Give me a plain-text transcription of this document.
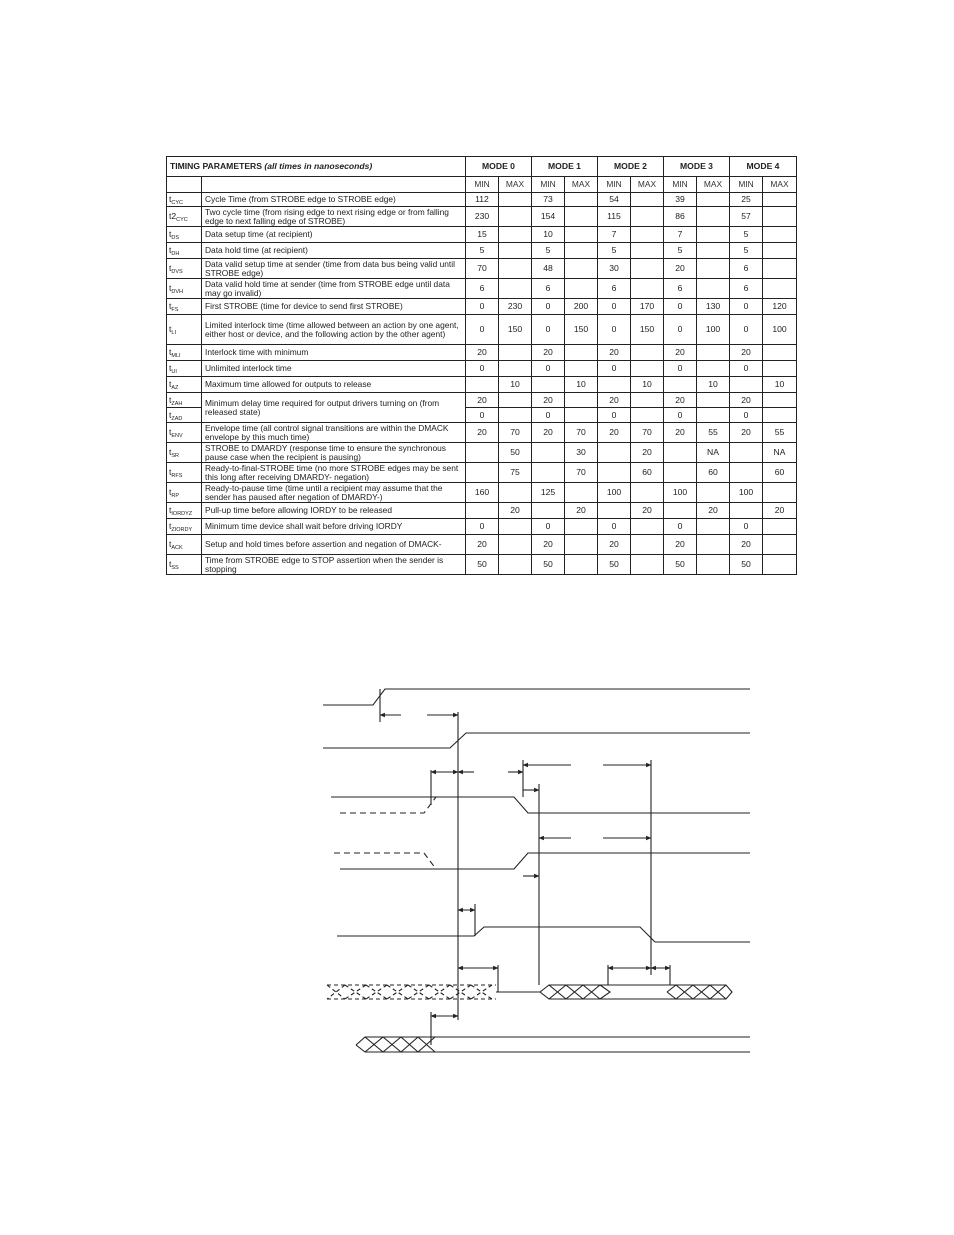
TIMING PARAMETERS (all times in nanoseconds)		MODE 0		MODE 1		MODE 2		MODE 3		MODE 4	
		MIN	MAX	MIN	MAX	MIN	MAX	MIN	MAX	MIN	MAX
$t_{CYC}$	Cycle Time (from STROBE edge to STROBE edge)	112		73		54		39		25	
$t2_{CYC}$	Two cycle time (from rising edge to next rising edge or from falling edge to next falling edge of STROBE)	230		154		115		86		57	
$t_{DS}$	Data setup time (at recipient)	15		10		7		7		5	
$t_{DH}$	Data hold time (at recipient)	5		5		5		5		5	
$t_{DVS}$	Data valid setup time at sender (time from data bus being valid until STROBE edge)	70		48		30		20		6	
$t_{DVH}$	Data valid hold time at sender (time from STROBE edge until data may go invalid)	6		6		6		6		6	
$t_{FS}$	First STROBE (time for device to send first STROBE)	0	230	0	200	0	170	0	130	0	120
$t_{LI}$	Limited interlock time (time allowed between an action by one agent, either host or device, and the following action by the other agent)	0	150	0	150	0	150	0	100	0	100
$t_{MLI}$	Interlock time with minimum	20		20		20		20		20	
$t_{UI}$	Unlimited interlock time	0		0		0		0		0	
$t_{AZ}$	Maximum time allowed for outputs to release		10		10		10		10		10
$t_{ZAH}$	Minimum delay time required for output drivers turning on (from released state)	20		20		20		20		20	
$t_{ZAD}$		0		0		0		0		0	
$t_{ENV}$	Envelope time (all control signal transitions are within the DMACK envelope by this much time)	20	70	20	70	20	70	20	55	20	55
$t_{SR}$	STROBE to DMARDY (response time to ensure the synchronous pause case when the recipient is pausing)		50		30		20		NA		NA
$t_{RFS}$	Ready-to-final-STROBE time (no more STROBE edges may be sent this long after receiving DMARDY- negation)		75		70		60		60		60
$t_{RP}$	Ready-to-pause time (time until a recipient may assume that the sender has paused after negation of DMARDY-)	160		125		100		100		100	
$t_{IORDYZ}$	Pull-up time before allowing IORDY to be released		20		20		20		20		20
$t_{ZIORDY}$	Minimum time device shall wait before driving IORDY	0		0		0		0		0	
$t_{ACK}$	Setup and hold times before assertion and negation of DMACK-	20		20		20		20		20	
$t_{SS}$	Time from STROBE edge to STOP assertion when the sender is stopping	50		50		50		50		50	
